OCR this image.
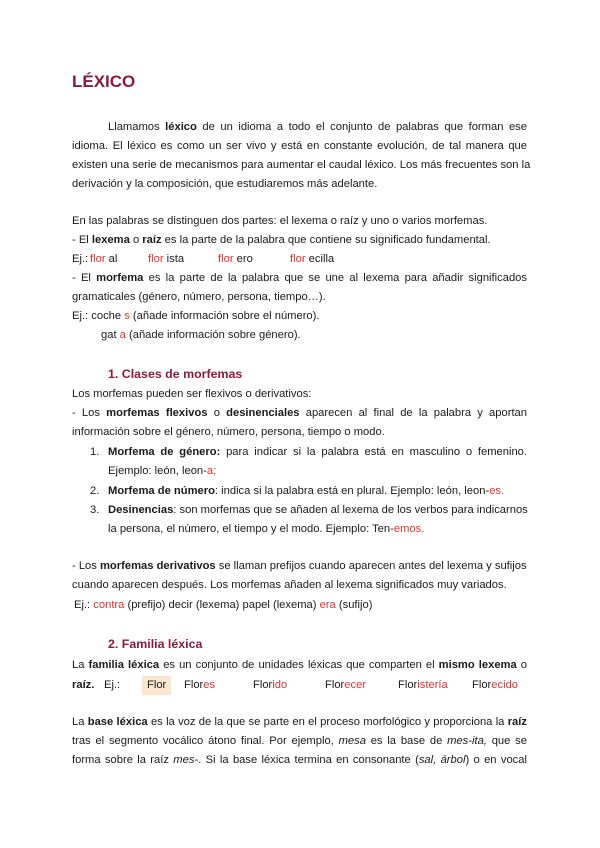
LÉXICO
Llamamos léxico de un idioma a todo el conjunto de palabras que forman ese
idioma. El léxico es como un ser vivo y está en constante evolución, de tal manera que
existen una serie de mecanismos para aumentar el caudal léxico. Los más frecuentes son la
derivación y la composición, que estudiaremos más adelante.
En las palabras se distinguen dos partes: el lexema o raíz y uno o varios morfemas.
- El lexema o raíz es la parte de la palabra que contiene su significado fundamental.
Ej.: flor al	flor ista	flor ero	flor ecilla
- El morfema es la parte de la palabra que se une al lexema para añadir significados
gramaticales (género, número, persona, tiempo…).
Ej.: coche s (añade información sobre el número).
gat a (añade información sobre género).
1. Clases de morfemas
Los morfemas pueden ser flexivos o derivativos:
- Los morfemas flexivos o desinenciales aparecen al final de la palabra y aportan
información sobre el género, número, persona, tiempo o modo.
1. Morfema de género: para indicar si la palabra está en masculino o femenino.
Ejemplo: león, leon-a;
2. Morfema de número: indica si la palabra está en plural. Ejemplo: león, leon-es.
3. Desinencias: son morfemas que se añaden al lexema de los verbos para indicarnos
la persona, el número, el tiempo y el modo. Ejemplo: Ten-emos.
- Los morfemas derivativos se llaman prefijos cuando aparecen antes del lexema y sufijos
cuando aparecen después. Los morfemas añaden al lexema significados muy variados.
Ej.: contra (prefijo) decir (lexema) papel (lexema) era (sufijo)
2. Familia léxica
La familia léxica es un conjunto de unidades léxicas que comparten el mismo lexema o
raíz. Ej.:	Flor	Flores	Florido	Florecer	Floristería Florecido
La base léxica es la voz de la que se parte en el proceso morfológico y proporciona la raíz
tras el segmento vocálico átono final. Por ejemplo, mesa es la base de mes-ita, que se
forma sobre la raíz mes-. Si la base léxica termina en consonante (sal, árbol) o en vocal
